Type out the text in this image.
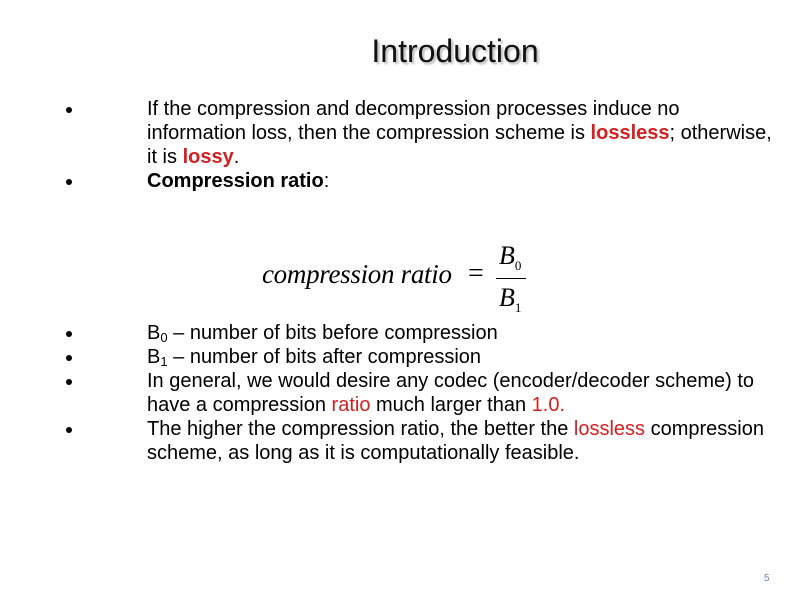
Introduction
If the compression and decompression processes induce no information loss, then the compression scheme is lossless; otherwise, it is lossy.
Compression ratio:
compression ratio =
$B_0$
$B_1$
$B_0$ – number of bits before compression
$B_1$ – number of bits after compression
In general, we would desire any codec (encoder/decoder scheme) to have a compression ratio much larger than 1.0.
The higher the compression ratio, the better the lossless compression scheme, as long as it is computationally feasible.
5
